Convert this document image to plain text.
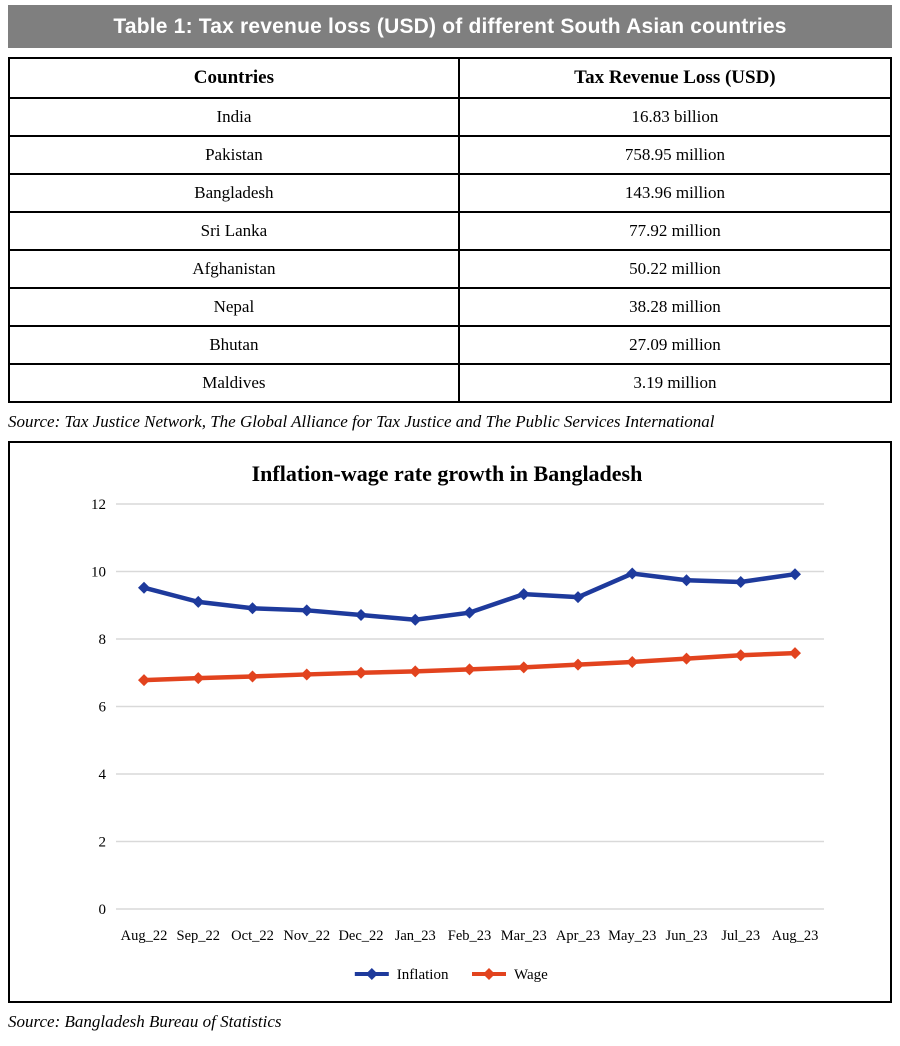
Table 1: Tax revenue loss (USD) of different South Asian countries
Countries	Tax Revenue Loss (USD)
India	16.83 billion
Pakistan	758.95 million
Bangladesh	143.96 million
Sri Lanka	77.92 million
Afghanistan	50.22 million
Nepal	38.28 million
Bhutan	27.09 million
Maldives	3.19 million

Source: Tax Justice Network, The Global Alliance for Tax Justice and The Public Services International

Inflation-wage rate growth in Bangladesh
0
2
4
6
8
10
12
Aug_22 Sep_22 Oct_22 Nov_22 Dec_22 Jan_23 Feb_23 Mar_23 Apr_23 May_23 Jun_23 Jul_23 Aug_23
Inflation	Wage

Source: Bangladesh Bureau of Statistics
